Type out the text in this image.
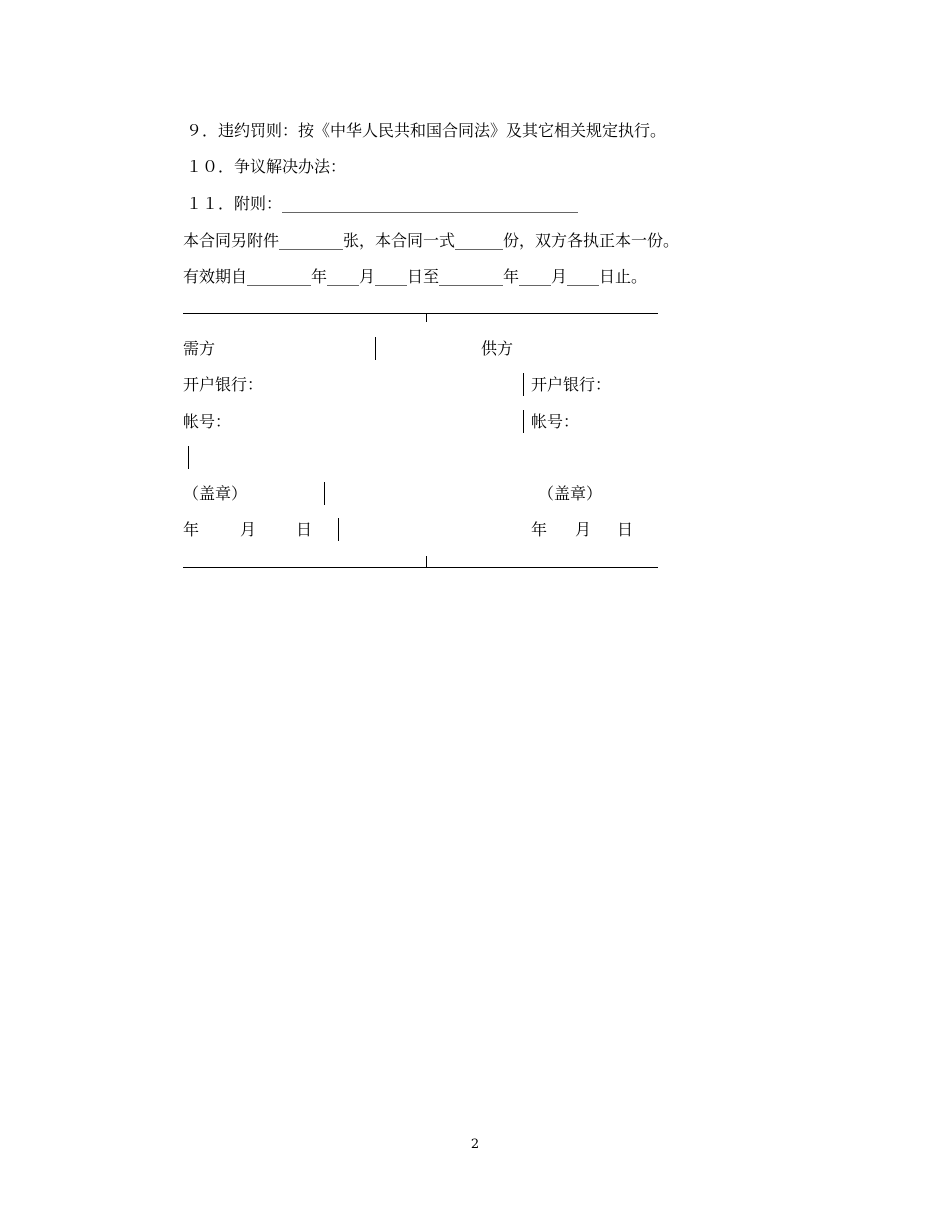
９．违约罚则：按《中华人民共和国合同法》及其它相关规定执行。
１０．争议解决办法：
１１．附则：_____________________________________
本合同另附件________张，本合同一式______份，双方各执正本一份。
有效期自________年____月____日至________年____月____日止。
需方	供方
开户银行：	开户银行：
帐号：	帐号：
（盖章）	（盖章）
年	月 日	年 月 日
2
